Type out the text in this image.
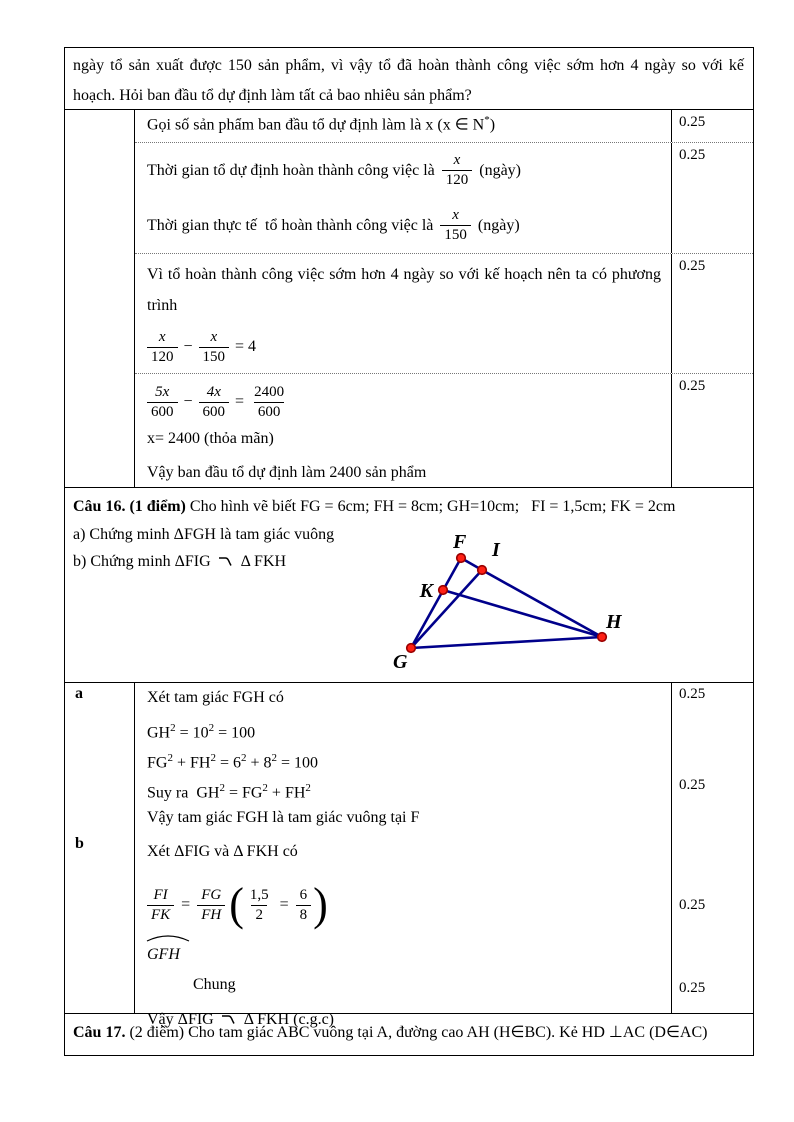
ngày tổ sản xuất được 150 sản phẩm, vì vậy tổ đã hoàn thành công việc sớm hơn 4 ngày so với kế hoạch. Hỏi ban đầu tổ dự định làm tất cả bao nhiêu sản phẩm?
Gọi số sản phẩm ban đầu tổ dự định làm là x (x ∈ N*)	0.25
Thời gian tổ dự định hoàn thành công việc là $\frac{x}{120}$ (ngày)
Thời gian thực tế  tổ hoàn thành công việc là $\frac{x}{150}$ (ngày)
0.25

Vì tổ hoàn thành công việc sớm hơn 4 ngày so với kế hoạch nên ta có phương trình

$\frac{x}{120} - \frac{x}{150} = 4$
0.25
$\frac{5x}{600} - \frac{4x}{600} = \frac{2400}{600}$
x= 2400 (thỏa mãn)
Vậy ban đầu tổ dự định làm 2400 sản phẩm
0.25

Câu 16. (1 điểm) Cho hình vẽ biết FG = 6cm; FH = 8cm; GH=10cm;   FI = 1,5cm; FK = 2cm

a) Chứng minh ΔFGH là tam giác vuông

b) Chứng minh ΔFIG Δ FKH

F I
K
G
H
a
b
Xét tam giác FGH có
$GH^2 = 10^2 = 100$
$FG^2 + FH^2 = 6^2 + 8^2 = 100$
Suy ra  $GH^2 = FG^2 + FH^2$
Vậy tam giác FGH là tam giác vuông tại F
Xét ΔFIG và Δ FKH có
$\frac{FI}{FK} = \frac{FG}{FH}$ ( $\frac{1,5}{2} = \frac{6}{8}$ )
GFH
Chung
Vậy ΔFIG Δ FKH (c.g.c)
0.25
0.25
0.25
0.25
Câu 17. (2 điểm) Cho tam giác ABC vuông tại A, đường cao AH (H∈BC). Kẻ HD ⊥AC (D∈AC)
